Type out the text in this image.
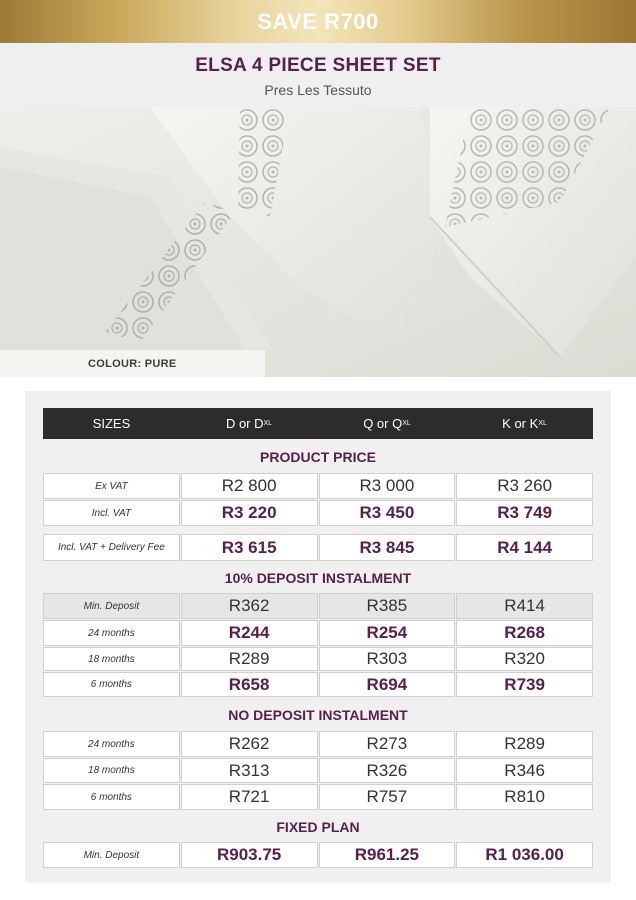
SAVE R700
ELSA 4 PIECE SHEET SET
Pres Les Tessuto
COLOUR: PURE
SIZES	D or D XL	Q or Q XL	K or K XL
PRODUCT PRICE
Ex VAT	R2 800	R3 000	R3 260
Incl. VAT	R3 220	R3 450	R3 749
Incl. VAT + Delivery Fee	R3 615	R3 845	R4 144
10% DEPOSIT INSTALMENT
Min. Deposit	R362	R385	R414
24 months	R244	R254	R268
18 months	R289	R303	R320
6 months	R658	R694	R739
NO DEPOSIT INSTALMENT
24 months	R262	R273	R289
18 months	R313	R326	R346
6 months	R721	R757	R810
FIXED PLAN
Min. Deposit	R903.75	R961.25	R1 036.00
